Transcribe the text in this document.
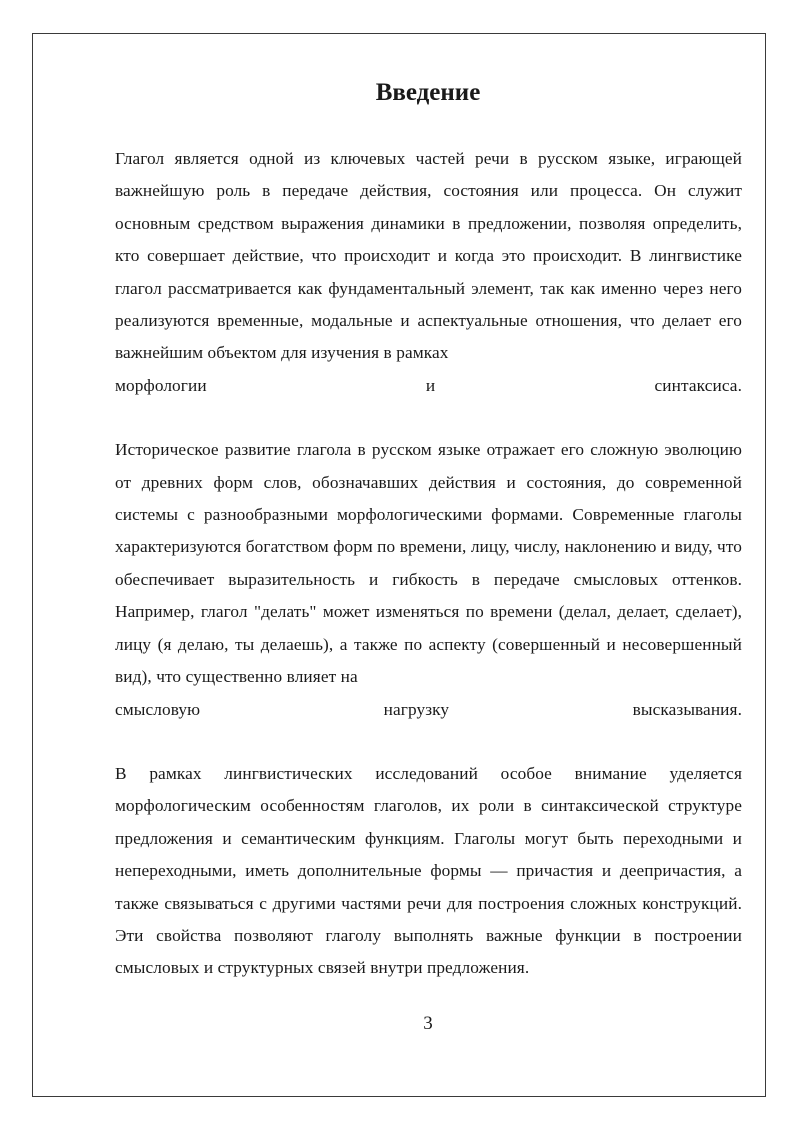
Введение

Глагол является одной из ключевых частей речи в русском языке, играющей важнейшую роль в передаче действия, состояния или процесса. Он служит основным средством выражения динамики в предложении, позволяя определить, кто совершает действие, что происходит и когда это происходит. В лингвистике глагол рассматривается как фундаментальный элемент, так как именно через него реализуются временные, модальные и аспектуальные отношения, что делает его важнейшим объектом для изучения в рамках
морфологии и синтаксиса.

Историческое развитие глагола в русском языке отражает его сложную эволюцию от древних форм слов, обозначавших действия и состояния, до современной системы с разнообразными морфологическими формами. Современные глаголы характеризуются богатством форм по времени, лицу, числу, наклонению и виду, что обеспечивает выразительность и гибкость в передаче смысловых оттенков. Например, глагол "делать" может изменяться по времени (делал, делает, сделает), лицу (я делаю, ты делаешь), а также по аспекту (совершенный и несовершенный вид), что существенно влияет на
смысловую нагрузку высказывания.

В рамках лингвистических исследований особое внимание уделяется морфологическим особенностям глаголов, их роли в синтаксической структуре предложения и семантическим функциям. Глаголы могут быть переходными и непереходными, иметь дополнительные формы — причастия и деепричастия, а также связываться с другими частями речи для построения сложных конструкций. Эти свойства позволяют глаголу выполнять важные функции в построении смысловых и структурных связей внутри предложения.

3
